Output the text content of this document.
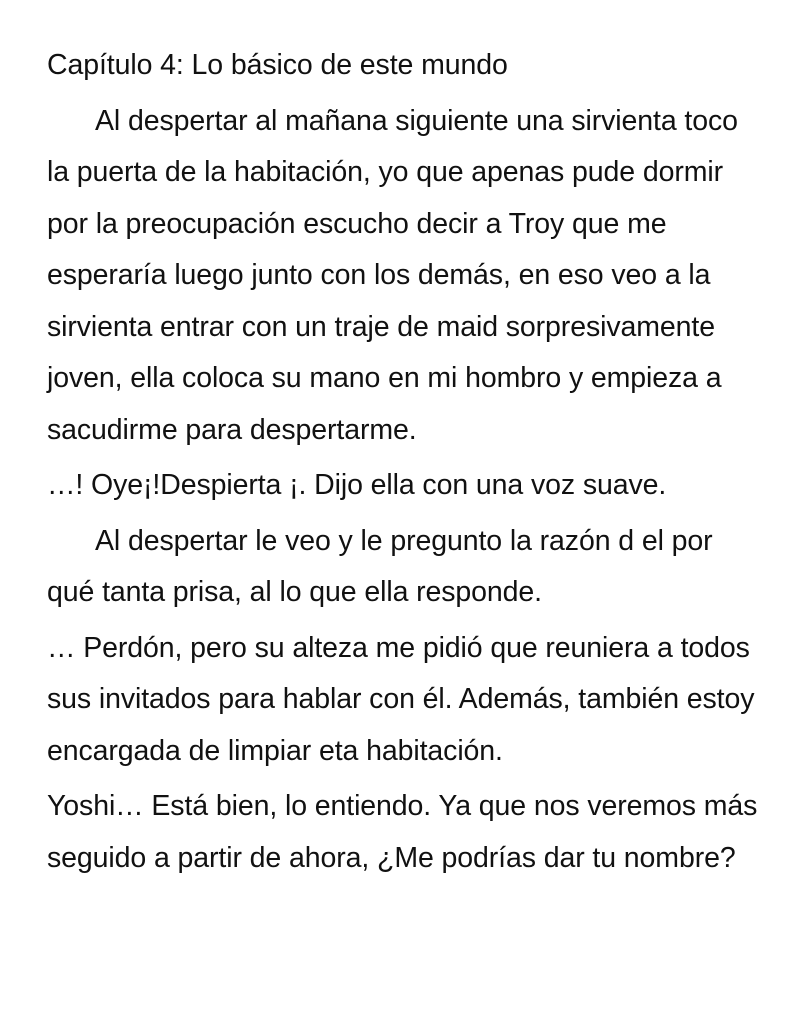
Capítulo 4: Lo básico de este mundo

Al despertar al mañana siguiente una sirvienta toco la puerta de la habitación, yo que apenas pude dormir por la preocupación escucho decir a Troy que me esperaría luego junto con los demás, en eso veo a la sirvienta entrar con un traje de maid sorpresivamente joven, ella coloca su mano en mi hombro y empieza a sacudirme para despertarme.

…! Oye¡!Despierta ¡. Dijo ella con una voz suave.

Al despertar le veo y le pregunto la razón d el por qué tanta prisa, al lo que ella responde.

… Perdón, pero su alteza me pidió que reuniera a todos sus invitados para hablar con él. Además, también estoy encargada de limpiar eta habitación.

Yoshi… Está bien, lo entiendo. Ya que nos veremos más seguido a partir de ahora, ¿Me podrías dar tu nombre?
